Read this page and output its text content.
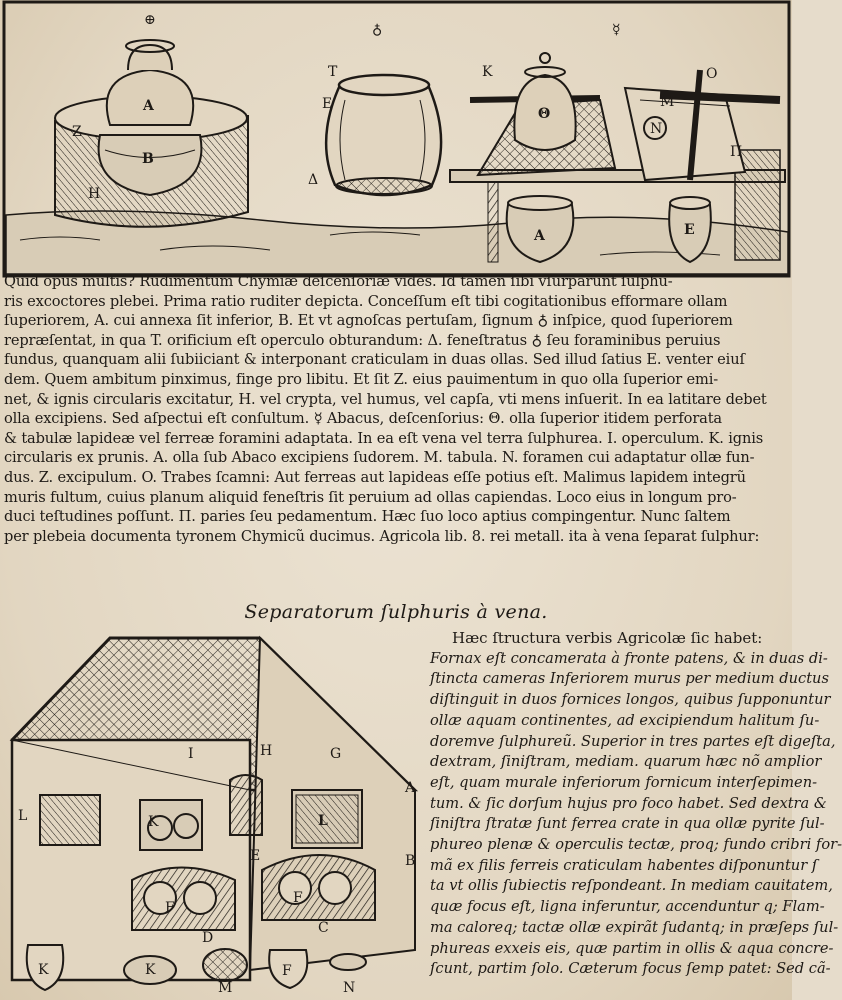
A
B
Z
H
⊕
T
E
Δ
♁
K	O
Θ
M
N
Π
A	E
☿
Quid opus multis? Rudimentum Chymiæ deſcenſoriæ vides. Id tamen ſibi vſurparunt ſulphu-
ris excoctores plebei. Prima ratio ruditer depicta. Conceſſum eſt tibi cogitationibus efformare ollam
ſuperiorem, A. cui annexa ſit inferior, B. Et vt agnoſcas pertuſam, ſignum ♁ inſpice, quod ſuperiorem
repræſentat, in qua T. orificium eſt operculo obturandum: Δ. feneſtratus ♁ ſeu foraminibus peruius
fundus, quanquam alii ſubiiciant & interponant craticulam in duas ollas. Sed illud ſatius E. venter eiuſ
dem. Quem ambitum pinximus, finge pro libitu. Et ſit Z. eius pauimentum in quo olla ſuperior emi-
net, & ignis circularis excitatur, H. vel crypta, vel humus, vel capſa, vti mens inſuerit. In ea latitare debet
olla excipiens. Sed aſpectui eſt conſultum. ☿ Abacus, deſcenſorius: Θ. olla ſuperior itidem perforata
& tabulæ lapideæ vel ferreæ foramini adaptata. In ea eſt vena vel terra ſulphurea. I. operculum. K. ignis
circularis ex prunis. A. olla ſub Abaco excipiens ſudorem. M. tabula. N. foramen cui adaptatur ollæ fun-
dus. Z. excipulum. O. Trabes ſcamni: Aut ferreas aut lapideas eſſe potius eſt. Malimus lapidem integrũ
muris fultum, cuius planum aliquid feneſtris ſit peruium ad ollas capiendas. Loco eius in longum pro-
duci teſtudines poſſunt. Π. paries ſeu pedamentum. Hæc ſuo loco aptius compingentur. Nunc ſaltem
per plebeia documenta tyronem Chymicũ ducimus. Agricola lib. 8. rei metall. ita à vena ſeparat ſulphur:
Separatorum ſulphuris à vena.
I	H	G
A
B
L	L
K
E
F
F
D
C
K	K
M
F
N
Hæc ſtructura verbis Agricolæ ſic habet:
Fornax eſt concamerata à fronte patens, & in duas di-
ſtincta cameras Inferiorem murus per medium ductus
diſtinguit in duos fornices longos, quibus ſupponuntur
ollæ aquam continentes, ad excipiendum halitum ſu-
doremve ſulphureũ. Superior in tres partes eſt digeſta,
dextram, ſiniſtram, mediam. quarum hæc nõ amplior
eſt, quam murale inferiorum fornicum interſepimen-
tum. & ſic dorſum hujus pro foco habet. Sed dextra &
ſiniſtra ſtratæ ſunt ferrea crate in qua ollæ pyrite ſul-
phureo plenæ & operculis tectæ, proq; fundo cribri for-
mã ex filis ferreis craticulam habentes diſponuntur ſ
ta vt ollis ſubiectis reſpondeant. In mediam cauitatem,
quæ focus eſt, ligna inferuntur, accenduntur q; Flam-
ma caloreq; tactæ ollæ expirãt ſudantq; in præſeps ſul-
phureas exxeis eis, quæ partim in ollis & aqua concre-
ſcunt, partim ſolo. Cæterum focus ſemp patet: Sed cã-
